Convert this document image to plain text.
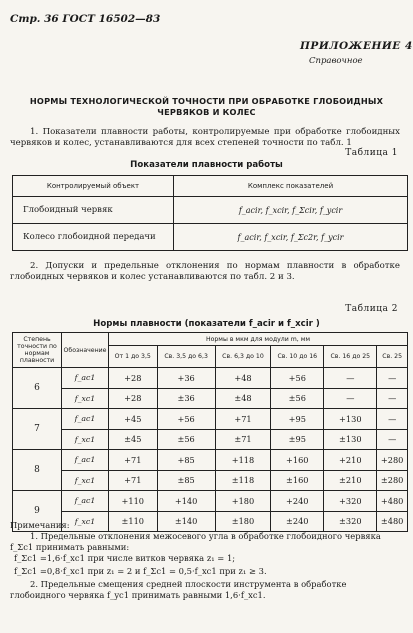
Стр. 36 ГОСТ 16502—83
ПРИЛОЖЕНИЕ 4
Справочное
НОРМЫ ТЕХНОЛОГИЧЕСКОЙ ТОЧНОСТИ ПРИ ОБРАБОТКЕ ГЛОБОИДНЫХ
ЧЕРВЯКОВ И КОЛЕС
1. Показатели плавности работы, контролируемые при обработке глобоидных червяков и колес, устанавливаются для всех степеней точности по табл. 1
Таблица 1
Показатели плавности работы
Контролируемый объект	Комплекс показателей
Глобоидный червяк	f_acir, f_xcir, f_Σcir, f_ycir
Колесо глобоидной передачи	f_acir, f_xcir, f_Σc2r, f_ycir
2. Допуски и предельные отклонения по нормам плавности в обработке глобоидных червяков и колес устанавливаются по табл. 2 и 3.
Таблица 2
Нормы плавности (показатели f_acir и f_xcir )
Степень точности по нормам плавности	Обозначение	Нормы в мкм для модули m, мм					
		От 1 до 3,5	Св. 3,5 до 6,3	Св. 6,3 до 10	Св. 10 до 16	Св. 16 до 25	Св. 25
6	f_ac1	+28	+36	+48	+56	—	—
	f_xc1	+28	±36	±48	±56	—	—
7	f_ac1	+45	+56	+71	+95	+130	—
	f_xc1	±45	±56	±71	±95	±130	—
8	f_ac1	+71	+85	+118	+160	+210	+280
	f_xc1	+71	±85	±118	±160	±210	±280
9	f_ac1	+110	+140	+180	+240	+320	+480
	f_xc1	±110	±140	±180	±240	±320	±480
Примечания:
1. Предельные отклонения межосевого угла в обработке глобоидного червяка f_Σc1 принимать равными:
f_Σc1 =1,6·f_xc1 при числе витков червяка z₁ = 1;
f_Σc1 =0,8·f_xc1 при z₁ = 2 и f_Σc1 = 0,5·f_xc1 при z₁ ≥ 3.
2. Предельные смещения средней плоскости инструмента в обработке глобоидного червяка f_yc1 принимать равными 1,6·f_xc1.
